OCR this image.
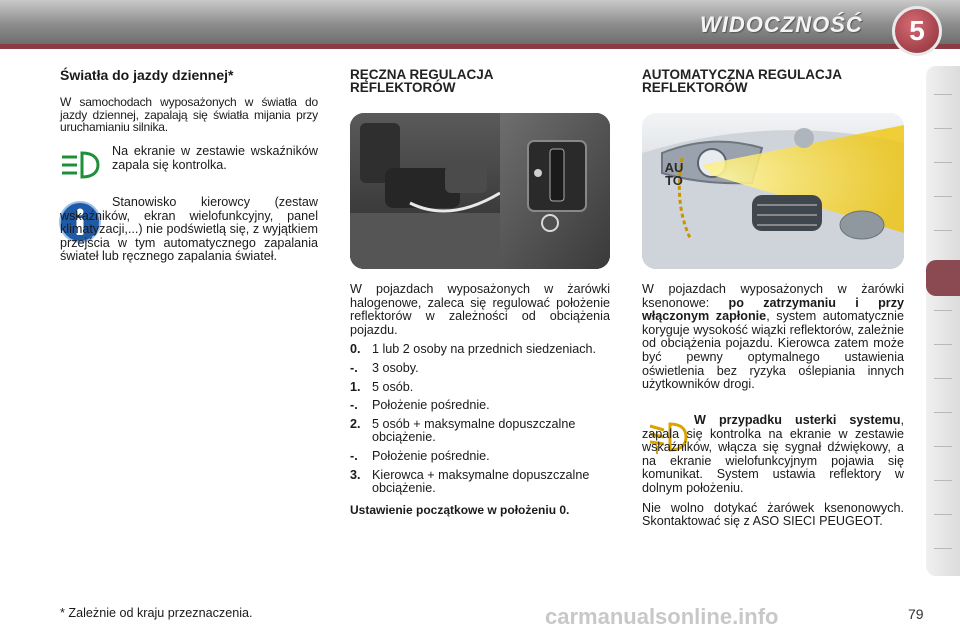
WIDOCZNOŚĆ	5
Światła do jazdy dziennej*

W samochodach wyposażonych w światła do jazdy dziennej, zapalają się światła mijania przy uruchamianiu silnika.

Na ekranie w zestawie wskaźników zapala się kontrolka.

Stanowisko kierowcy (zestaw wskaźników, ekran wielofunkcyjny, panel klimatyzacji,...) nie podświetlą się, z wyjątkiem przejścia w tym automatycznego zapalania świateł lub ręcznego zapalania świateł.

RĘCZNA REGULACJA
REFLEKTORÓW

W pojazdach wyposażonych w żarówki halogenowe, zaleca się regulować położenie reflektorów w zależności od obciążenia pojazdu.

0. 1 lub 2 osoby na przednich siedzeniach.
-.	3 osoby.
1. 5 osób.
-.	Położenie pośrednie.
2. 5 osób + maksymalne dopuszczalne obciążenie.
-.	Położenie pośrednie.
3. Kierowca + maksymalne dopuszczalne obciążenie.

Ustawienie początkowe w położeniu 0.

AUTOMATYCZNA REGULACJA
REFLEKTORÓW
AUTO

W pojazdach wyposażonych w żarówki ksenonowe: po zatrzymaniu i przy włączonym zapłonie, system automatycznie koryguje wysokość wiązki reflektorów, zależnie od obciążenia pojazdu. Kierowca zatem może być pewny optymalnego ustawienia oświetlenia bez ryzyka oślepiania innych użytkowników drogi.

W przypadku usterki systemu, zapala się kontrolka na ekranie w zestawie wskaźników, włącza się sygnał dźwiękowy, a na ekranie wielofunkcyjnym pojawia się komunikat. System ustawia reflektory w dolnym położeniu.

Nie wolno dotykać żarówek ksenonowych. Skontaktować się z ASO SIECI PEUGEOT.

* Zależnie od kraju przeznaczenia.	carmanualsonline.info	79
